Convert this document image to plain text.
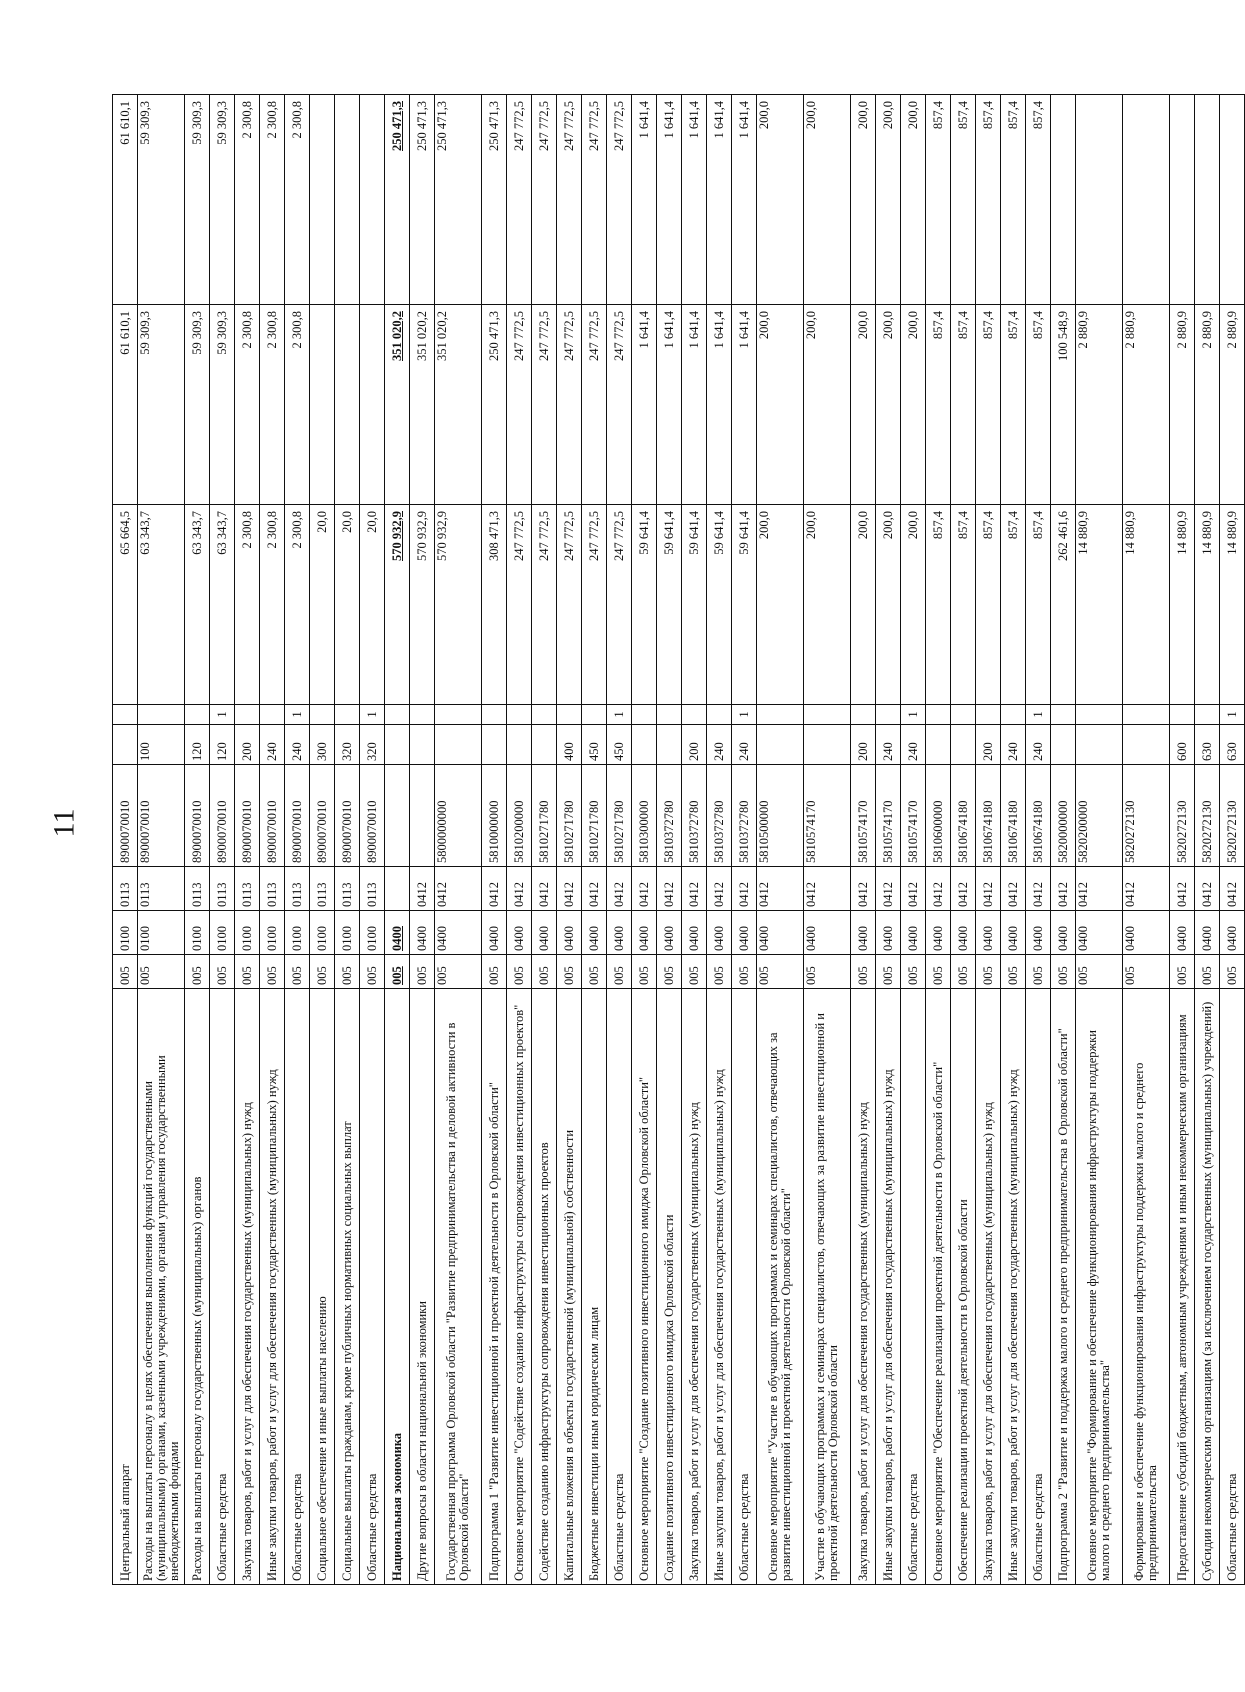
11
Центральный аппарат	005	0100	0113	8900070010			65 664,5	61 610,1	61 610,1
Расходы на выплаты персоналу в целях обеспечения выполнения функций государственными (муниципальными) органами, казенными учреждениями, органами управления государственными внебюджетными фондами	005	0100	0113	8900070010	100		63 343,7	59 309,3	59 309,3
Расходы на выплаты персоналу государственных (муниципальных) органов	005	0100	0113	8900070010	120		63 343,7	59 309,3	59 309,3
Областные средства	005	0100	0113	8900070010	120	1	63 343,7	59 309,3	59 309,3
Закупка товаров, работ и услуг для обеспечения государственных (муниципальных) нужд	005	0100	0113	8900070010	200		2 300,8	2 300,8	2 300,8
Иные закупки товаров, работ и услуг для обеспечения государственных (муниципальных) нужд	005	0100	0113	8900070010	240		2 300,8	2 300,8	2 300,8
Областные средства	005	0100	0113	8900070010	240	1	2 300,8	2 300,8	2 300,8
Социальное обеспечение и иные выплаты населению	005	0100	0113	8900070010	300		20,0		
Социальные выплаты гражданам, кроме публичных нормативных социальных выплат	005	0100	0113	8900070010	320		20,0		
Областные средства	005	0100	0113	8900070010	320	1	20,0		
Национальная экономика	005	0400					570 932,9	351 020,2	250 471,3
Другие вопросы в области национальной экономики	005	0400	0412				570 932,9	351 020,2	250 471,3
Государственная программа Орловской области "Развитие предпринимательства и деловой активности в Орловской области"	005	0400	0412	5800000000			570 932,9	351 020,2	250 471,3
Подпрограмма 1 "Развитие инвестиционной и проектной деятельности в Орловской области"	005	0400	0412	5810000000			308 471,3	250 471,3	250 471,3
Основное мероприятие "Содействие созданию инфраструктуры сопровождения инвестиционных проектов"	005	0400	0412	5810200000			247 772,5	247 772,5	247 772,5
Содействие созданию инфраструктуры сопровождения инвестиционных проектов	005	0400	0412	5810271780			247 772,5	247 772,5	247 772,5
Капитальные вложения в объекты государственной (муниципальной) собственности	005	0400	0412	5810271780	400		247 772,5	247 772,5	247 772,5
Бюджетные инвестиции иным юридическим лицам	005	0400	0412	5810271780	450		247 772,5	247 772,5	247 772,5
Областные средства	005	0400	0412	5810271780	450	1	247 772,5	247 772,5	247 772,5
Основное мероприятие "Создание позитивного инвестиционного имиджа Орловской области"	005	0400	0412	5810300000			59 641,4	1 641,4	1 641,4
Создание позитивного инвестиционного имиджа Орловской области	005	0400	0412	5810372780			59 641,4	1 641,4	1 641,4
Закупка товаров, работ и услуг для обеспечения государственных (муниципальных) нужд	005	0400	0412	5810372780	200		59 641,4	1 641,4	1 641,4
Иные закупки товаров, работ и услуг для обеспечения государственных (муниципальных) нужд	005	0400	0412	5810372780	240		59 641,4	1 641,4	1 641,4
Областные средства	005	0400	0412	5810372780	240	1	59 641,4	1 641,4	1 641,4
Основное мероприятие "Участие в обучающих программах и семинарах специалистов, отвечающих за развитие инвестиционной и проектной деятельности Орловской области"	005	0400	0412	5810500000			200,0	200,0	200,0
Участие в обучающих программах и семинарах специалистов, отвечающих за развитие инвестиционной и проектной деятельности Орловской области	005	0400	0412	5810574170			200,0	200,0	200,0
Закупка товаров, работ и услуг для обеспечения государственных (муниципальных) нужд	005	0400	0412	5810574170	200		200,0	200,0	200,0
Иные закупки товаров, работ и услуг для обеспечения государственных (муниципальных) нужд	005	0400	0412	5810574170	240		200,0	200,0	200,0
Областные средства	005	0400	0412	5810574170	240	1	200,0	200,0	200,0
Основное мероприятие "Обеспечение реализации проектной деятельности в Орловской области"	005	0400	0412	5810600000			857,4	857,4	857,4
Обеспечение реализации проектной деятельности в Орловской области	005	0400	0412	5810674180			857,4	857,4	857,4
Закупка товаров, работ и услуг для обеспечения государственных (муниципальных) нужд	005	0400	0412	5810674180	200		857,4	857,4	857,4
Иные закупки товаров, работ и услуг для обеспечения государственных (муниципальных) нужд	005	0400	0412	5810674180	240		857,4	857,4	857,4
Областные средства	005	0400	0412	5810674180	240	1	857,4	857,4	857,4
Подпрограмма 2 "Развитие и поддержка малого и среднего предпринимательства в Орловской области"	005	0400	0412	5820000000			262 461,6	100 548,9	
Основное мероприятие "Формирование и обеспечение функционирования инфраструктуры поддержки малого и среднего предпринимательства"	005	0400	0412	5820200000			14 880,9	2 880,9	
Формирование и обеспечение функционирования инфраструктуры поддержки малого и среднего предпринимательства	005	0400	0412	5820272130			14 880,9	2 880,9	
Предоставление субсидий бюджетным, автономным учреждениям и иным некоммерческим организациям	005	0400	0412	5820272130	600		14 880,9	2 880,9	
Субсидии некоммерческим организациям (за исключением государственных (муниципальных) учреждений)	005	0400	0412	5820272130	630		14 880,9	2 880,9	
Областные средства	005	0400	0412	5820272130	630	1	14 880,9	2 880,9	
